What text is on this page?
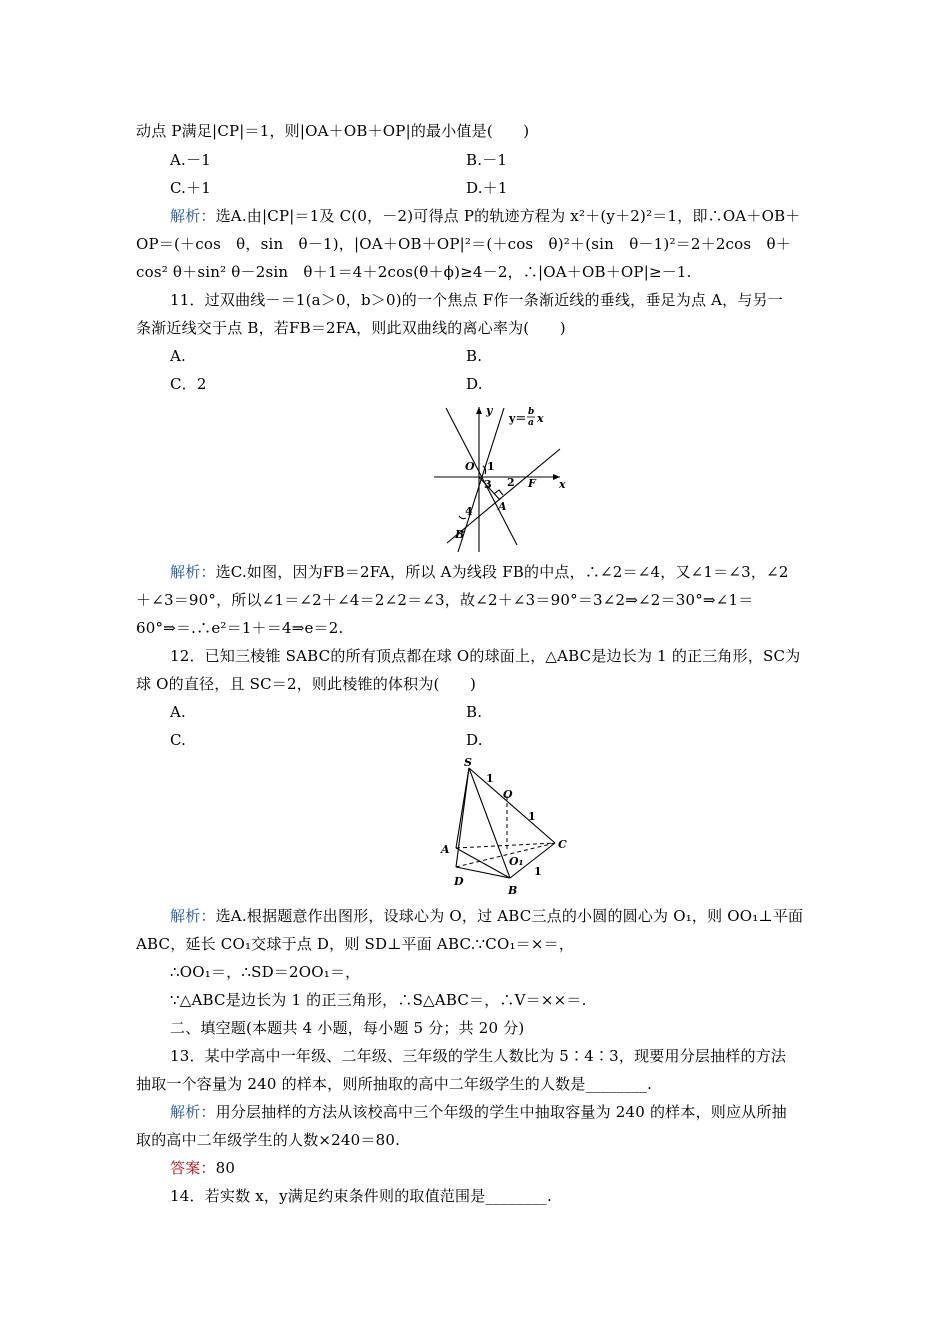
动点 P满足|CP|＝1，则|OA＋OB＋OP|的最小值是(　　)
A.－1	B.－1
C.＋1	D.＋1
解析：选A.由|CP|＝1及 C(0，－2)可得点 P的轨迹方程为 x²＋(y＋2)²＝1，即∴OA＋OB＋
OP＝(＋cos　θ，sin　θ－1)，|OA＋OB＋OP|²＝(＋cos　θ)²＋(sin　θ－1)²＝2＋2cos　θ＋
cos² θ＋sin² θ－2sin　θ＋1＝4＋2cos(θ＋ϕ)≥4－2，∴|OA＋OB＋OP|≥－1.
11．过双曲线－＝1(a＞0，b＞0)的一个焦点 F作一条渐近线的垂线，垂足为点 A，与另一
条渐近线交于点 B，若FB＝2FA，则此双曲线的离心率为(　　)
A.	B.
C．2	D.
y
y＝ b
a x
O 1
3 2 F x
A
4
B
解析：选C.如图，因为FB＝2FA，所以 A为线段 FB的中点，∴∠2＝∠4，又∠1＝∠3，∠2
＋∠3＝90°，所以∠1＝∠2＋∠4＝2∠2＝∠3，故∠2＋∠3＝90°＝3∠2⇒∠2＝30°⇒∠1＝
60°⇒＝.∴e²＝1＋＝4⇒e＝2.
12．已知三棱锥 SABC的所有顶点都在球 O的球面上，△ABC是边长为 1 的正三角形，SC为
球 O的直径，且 SC＝2，则此棱锥的体积为(　　)
A.	B.
C.	D.
S
1
O
1
A	C
O₁
1
D
B
解析：选A.根据题意作出图形，设球心为 O，过 ABC三点的小圆的圆心为 O₁，则 OO₁⊥平面
ABC，延长 CO₁交球于点 D，则 SD⊥平面 ABC.∵CO₁＝×＝，
∴OO₁＝，∴SD＝2OO₁＝，
∵△ABC是边长为 1 的正三角形，∴S△ABC＝，∴V＝××＝.
二、填空题(本题共 4 小题，每小题 5 分；共 20 分)
13．某中学高中一年级、二年级、三年级的学生人数比为 5∶4∶3，现要用分层抽样的方法
抽取一个容量为 240 的样本，则所抽取的高中二年级学生的人数是________.
解析：用分层抽样的方法从该校高中三个年级的学生中抽取容量为 240 的样本，则应从所抽
取的高中二年级学生的人数×240＝80.
答案：80
14．若实数 x，y满足约束条件则的取值范围是________.
